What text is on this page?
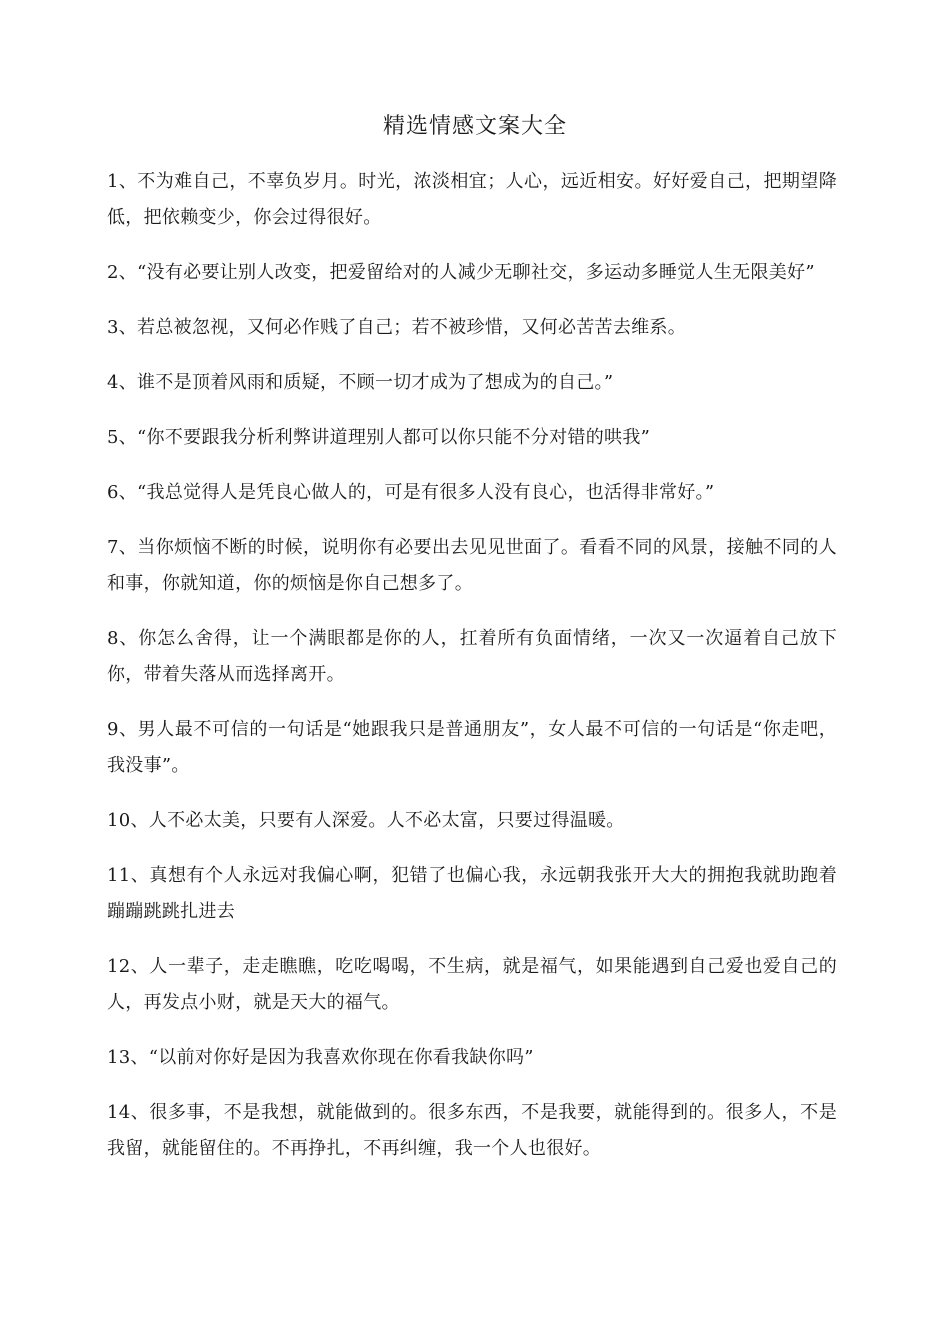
精选情感文案大全
1、不为难自己，不辜负岁月。时光，浓淡相宜；人心，远近相安。好好爱自己，把期望降低，把依赖变少，你会过得很好。
2、“没有必要让别人改变，把爱留给对的人减少无聊社交，多运动多睡觉人生无限美好”
3、若总被忽视，又何必作贱了自己；若不被珍惜，又何必苦苦去维系。
4、谁不是顶着风雨和质疑，不顾一切才成为了想成为的自己。”
5、“你不要跟我分析利弊讲道理别人都可以你只能不分对错的哄我”
6、“我总觉得人是凭良心做人的，可是有很多人没有良心，也活得非常好。”
7、当你烦恼不断的时候，说明你有必要出去见见世面了。看看不同的风景，接触不同的人和事，你就知道，你的烦恼是你自己想多了。
8、你怎么舍得，让一个满眼都是你的人，扛着所有负面情绪，一次又一次逼着自己放下你，带着失落从而选择离开。
9、男人最不可信的一句话是“她跟我只是普通朋友”，女人最不可信的一句话是“你走吧，我没事”。
10、人不必太美，只要有人深爱。人不必太富，只要过得温暖。
11、真想有个人永远对我偏心啊，犯错了也偏心我，永远朝我张开大大的拥抱我就助跑着蹦蹦跳跳扎进去
12、人一辈子，走走瞧瞧，吃吃喝喝，不生病，就是福气，如果能遇到自己爱也爱自己的人，再发点小财，就是天大的福气。
13、“以前对你好是因为我喜欢你现在你看我缺你吗”
14、很多事，不是我想，就能做到的。很多东西，不是我要，就能得到的。很多人，不是我留，就能留住的。不再挣扎，不再纠缠，我一个人也很好。
